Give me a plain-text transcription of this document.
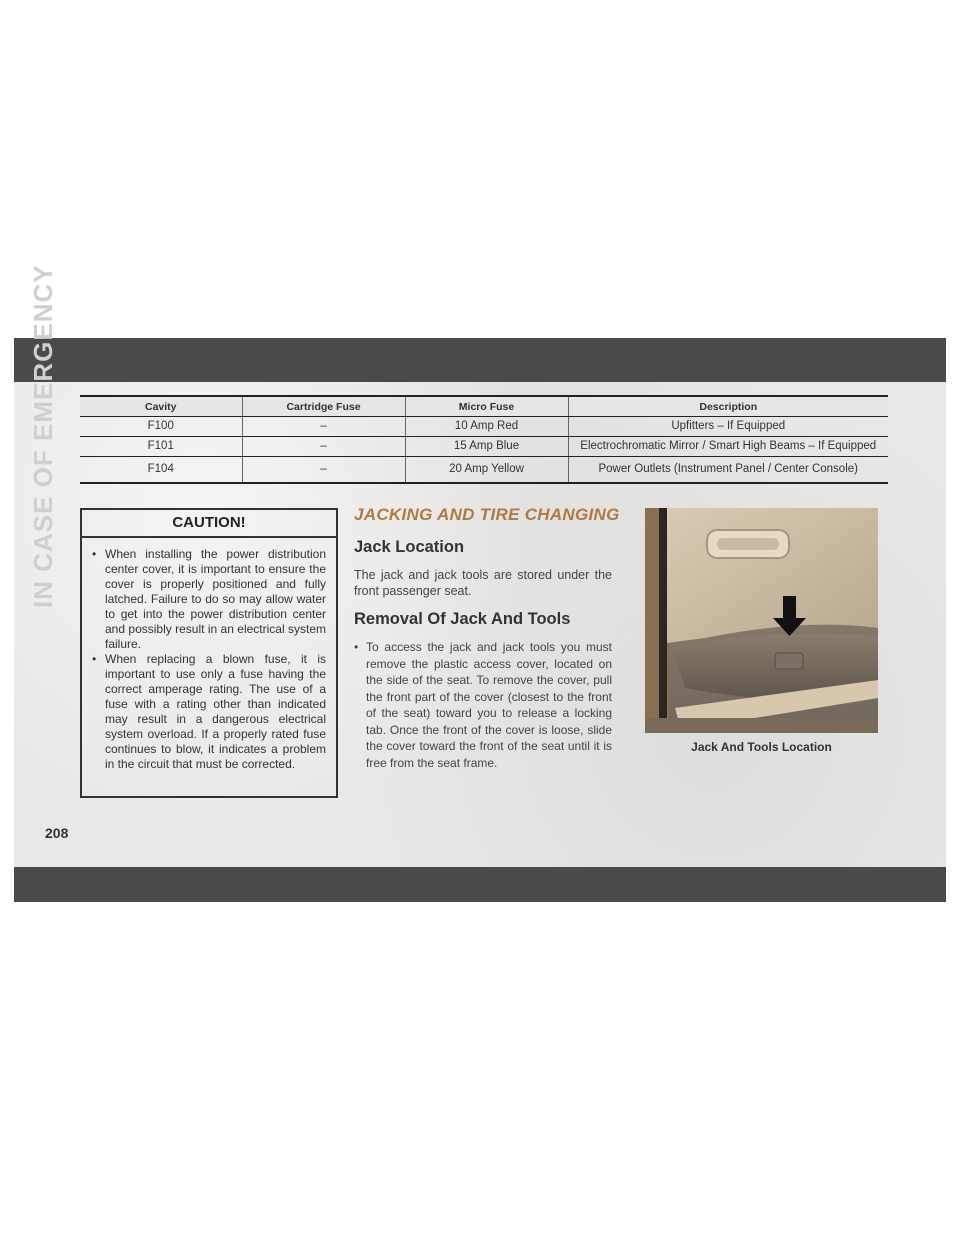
IN CASE OF EMERGENCY	Cavity	Cartridge Fuse	Micro Fuse	Description
F100	–	10 Amp Red	Upfitters – If Equipped
F101	–	15 Amp Blue	Electrochromatic Mirror / Smart High Beams – If Equipped
F104	–	20 Amp Yellow	Power Outlets (Instrument Panel / Center Console)
CAUTION!
• When installing the power distribution center cover, it is important to ensure the cover is properly positioned and fully latched. Failure to do so may allow water to get into the power distribution center and possibly result in an electrical system failure.
• When replacing a blown fuse, it is important to use only a fuse having the correct amperage rating. The use of a fuse with a rating other than indicated may result in a dangerous electrical system overload. If a properly rated fuse continues to blow, it indicates a problem in the circuit that must be corrected.
JACKING AND TIRE CHANGING
Jack Location
The jack and jack tools are stored under the front passenger seat.
Removal Of Jack And Tools
• To access the jack and jack tools you must remove the plastic access cover, located on the side of the seat. To remove the cover, pull the front part of the cover (closest to the front of the seat) toward you to release a locking tab. Once the front of the cover is loose, slide the cover toward the front of the seat until it is free from the seat frame.
Jack And Tools Location
208
